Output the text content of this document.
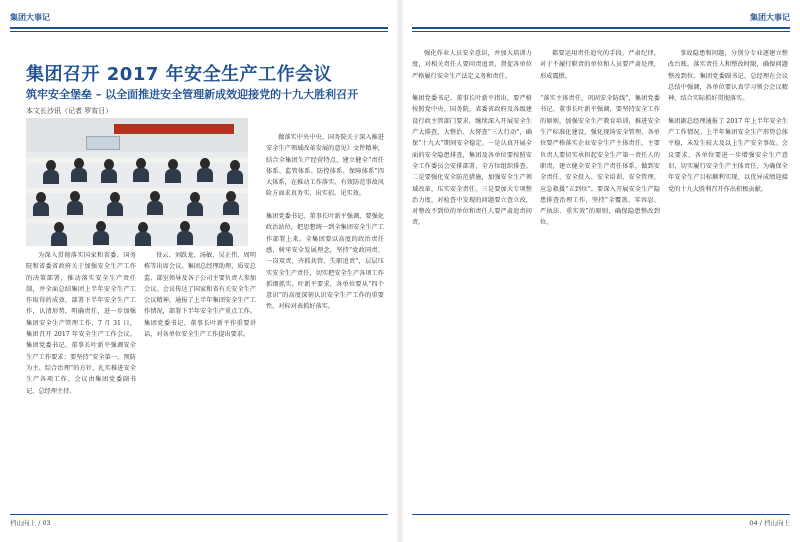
集团大事记	集团大事记
集团召开 2017 年安全生产工作会议
筑牢安全堡垒 – 以全面推进安全管理新成效迎接党的十九大胜利召开
本文长沙讯（记者 罗宵日）

为深入贯彻落实国家和省委、国务院和省委省政府关于加强安全生产工作的决策部署，推动落实安全生产责任制，并全面总结集团上半年安全生产工作取得的成效，部署下半年安全生产工作，认清形势，明确责任，进一步加强集团安全生产管理工作，7 月 31 日，集团召开 2017 年安全生产工作会议。集团党委书记、董事长叶新平强调安全生产工作要求；要坚持“安全第一、预防为主、综合治理”的方针，扎实推进安全生产各项工作。会议由集团党委副书记、总经理主持。

役云、刘跃龙、汤敏、吴正伟、周明栋等出席会议。集团总经理助理、质安总监、部室领导及各子公司主要负责人参加会议。会议传达了国家和省有关安全生产会议精神，通报了上半年集团安全生产工作情况，部署下半年安全生产重点工作。集团党委书记、董事长叶新平作重要讲话，对各单位安全生产工作提出要求。

做落实中央中央、国务院关于深入推进安全生产领域改革发展的意见》文件精神，结合全集团生产经营特点，建立健全“责任体系、监管体系、防控体系、保障体系”四大体系，在推动工作落实、有效防范事故风险方面求真务实、出实招、见实效。

集团党委书记、董事长叶新平强调，要强化政治站位，把思想统一到全集团安全生产工作部署上来。全集团要以高度的政治责任感，树牢安全发展理念，坚持“党政同责、一岗双责、齐抓共管、失职追责”，层层压实安全生产责任，切实把安全生产各项工作抓细抓实。叶新平要求，各单位要从“四个意识”的高度深刻认识安全生产工作的重要性，对标对表抓好落实。

强化作业人员安全意识，并加大培训力度，对相关责任人要问责追责，督促各单位严格履行安全生产法定义务和责任。

集团党委书记、董事长叶新平指出，要严格按照党中央、国务院、省委省政府及各级建设行政主管部门要求，继续深入开展安全生产大排查、大整治、大督查“三大行动”，确保“十九大”期间安全稳定。一是认真开展全面的安全隐患排查，集团及各单位要按照安全工作委员会安排部署，全方位组织排查。二是要强化安全防范措施，加强安全生产领域改革，压实安全责任。三是要加大专项整治力度，对检查中发现的问题要立查立改，对整改不到位的单位和责任人要严肃追责问责。

都要运用责任追究的手段，严肃纪律，对于不履行职责的单位和人员要严肃处理，形成震慑。

“落实主体责任，巩固安全防线”，集团党委书记、董事长叶新平强调，要坚持安全工作的原则，加强安全生产教育培训，推进安全生产标准化建设，强化现场安全管理。各单位要严格落实企业安全生产主体责任，主要负责人要切实承担起安全生产第一责任人的职责，建立健全安全生产责任体系，做到安全责任、安全投入、安全培训、安全管理、应急救援“五到位”。要深入开展安全生产隐患排查治理工作，坚持“全覆盖、零容忍、严执法、重实效”的原则，确保隐患整改到位。

事故隐患和问题，分别分专业逐建立整改台账，落实责任人和整改时限，确保问题整改到位。集团党委副书记、总经理在会议总结中强调，各单位要认真学习领会会议精神，结合实际抓好贯彻落实。

集团副总经理通报了 2017 年上半年安全生产工作情况。上半年集团安全生产形势总体平稳，未发生较大及以上生产安全事故。会议要求，各单位要进一步增强安全生产意识，切实履行安全生产主体责任，为确保全年安全生产目标顺利实现、以优异成绩迎接党的十九大胜利召开作出积极贡献。

档山向上 / 03	04 / 档山向上
